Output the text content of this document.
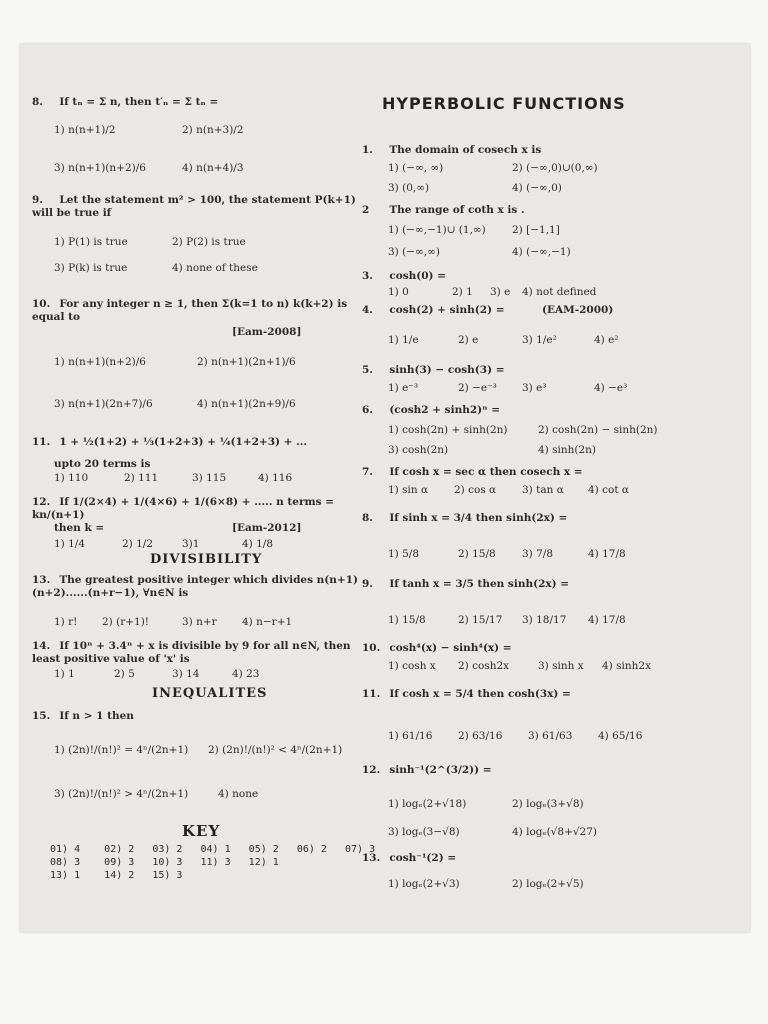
8. If tₙ = Σ n, then t′ₙ = Σ tₙ =
1) n(n+1)/2	2) n(n+3)/2
3) n(n+1)(n+2)/6	4) n(n+4)/3
9. Let the statement m² > 100, the statement P(k+1) will be true if
1) P(1) is true	2) P(2) is true
3) P(k) is true	4) none of these
10. For any integer n ≥ 1, then Σ(k=1 to n) k(k+2) is equal to
[Eam-2008]
1) n(n+1)(n+2)/6	2) n(n+1)(2n+1)/6
3) n(n+1)(2n+7)/6	4) n(n+1)(2n+9)/6
11. 1 + ½(1+2) + ⅓(1+2+3) + ¼(1+2+3) + ...
upto 20 terms is
1) 110	2) 111	3) 115	4) 116
12. If 1/(2×4) + 1/(4×6) + 1/(6×8) + ..... n terms = kn/(n+1)
then k =	[Eam-2012]
1) 1/4	2) 1/2	3)1	4) 1/8
DIVISIBILITY
13. The greatest positive integer which divides n(n+1)(n+2)......(n+r−1), ∀n∈N is
1) r! 2) (r+1)!	3) n+r 4) n−r+1
14. If 10ⁿ + 3.4ⁿ + x is divisible by 9 for all n∈N, then least positive value of 'x' is
1) 1	2) 5	3) 14	4) 23
INEQUALITES
15. If n > 1 then
1) (2n)!/(n!)² = 4ⁿ/(2n+1) 2) (2n)!/(n!)² < 4ⁿ/(2n+1)
3) (2n)!/(n!)² > 4ⁿ/(2n+1)	4) none
KEY
01) 4    02) 2   03) 2   04) 1   05) 2   06) 2   07) 3
08) 3    09) 3   10) 3   11) 3   12) 1
13) 1    14) 2   15) 3
HYPERBOLIC FUNCTIONS
1. The domain of cosech x is
1) (−∞, ∞)	2) (−∞,0)∪(0,∞)
3) (0,∞)	4) (−∞,0)
2 The range of coth x is .
1) (−∞,−1)∪ (1,∞) 2) [−1,1]
3) (−∞,∞)	4) (−∞,−1)
3. cosh(0) =
1) 0	2) 1 3) e 4) not defined
4. cosh(2) + sinh(2) =	(EAM-2000)
1) 1/e	2) e	3) 1/e²	4) e²
5. sinh(3) − cosh(3) =
1) e⁻³	2) −e⁻³ 3) e³	4) −e³
6. (cosh2 + sinh2)ⁿ =
1) cosh(2n) + sinh(2n)	2) cosh(2n) − sinh(2n)
3) cosh(2n)	4) sinh(2n)
7. If cosh x = sec α then cosech x =
1) sin α 2) cos α 3) tan α 4) cot α
8. If sinh x = 3/4 then sinh(2x) =
1) 5/8	2) 15/8	3) 7/8	4) 17/8
9. If tanh x = 3/5 then sinh(2x) =
1) 15/8	2) 15/17 3) 18/17 4) 17/8
10. cosh⁴(x) − sinh⁴(x) =
1) cosh x 2) cosh2x	3) sinh x 4) sinh2x
11. If cosh x = 5/4 then cosh(3x) =
1) 61/16 2) 63/16 3) 61/63 4) 65/16
12. sinh⁻¹(2^(3/2)) =
1) logₑ(2+√18)	2) logₑ(3+√8)
3) logₑ(3−√8)	4) logₑ(√8+√27)
13. cosh⁻¹(2) =
1) logₑ(2+√3)	2) logₑ(2+√5)
